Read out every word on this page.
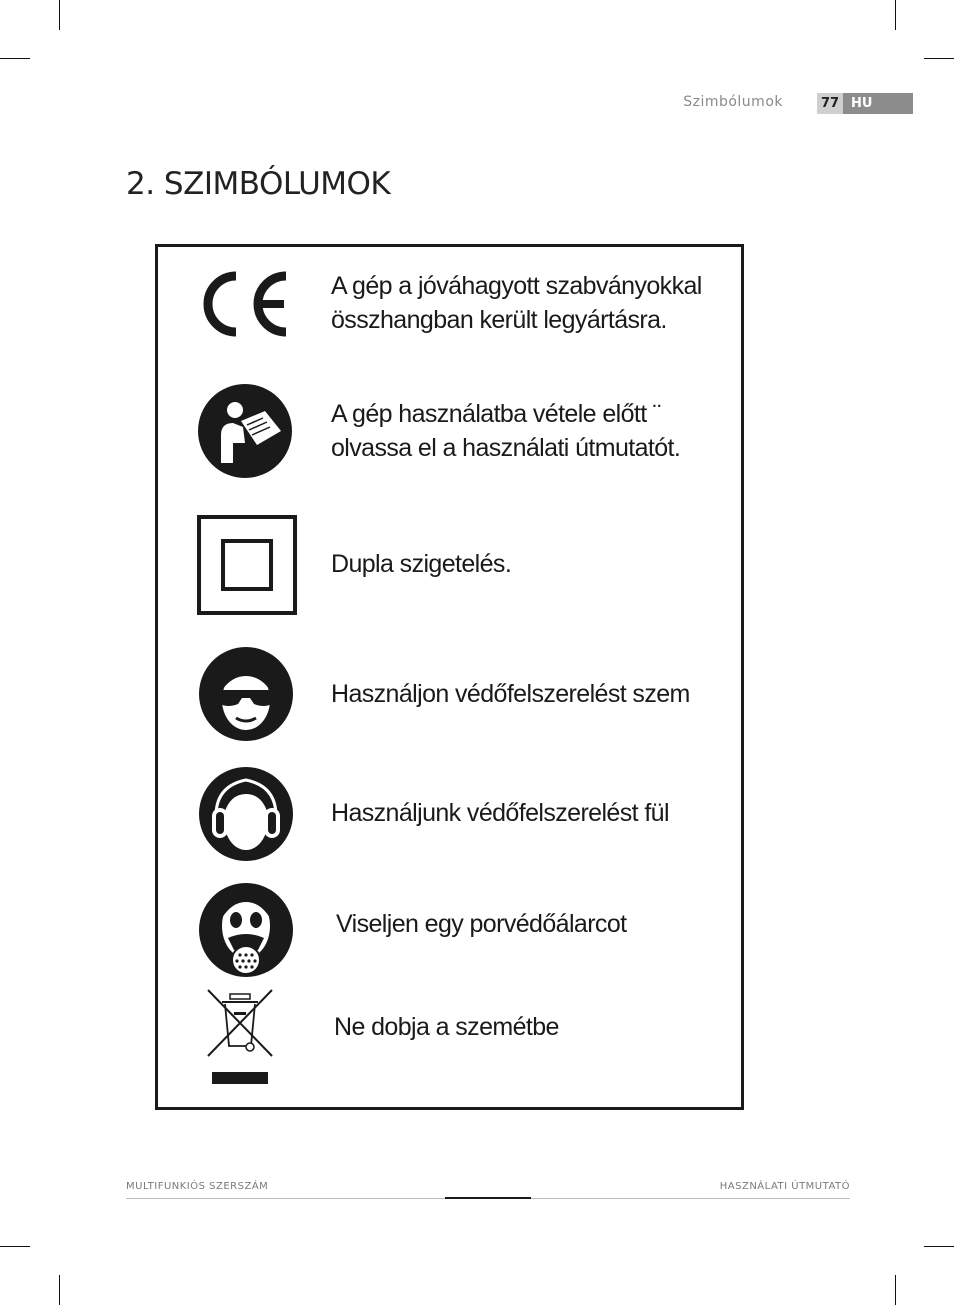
Szimbólumok	77 HU
2. SZIMBÓLUMOK
A gép a jóváhagyott szabványokkal
összhangban került legyártásra.
A gép használatba vétele előtt ¨
olvassa el a használati útmutatót.
Dupla szigetelés.
Használjon védőfelszerelést szem
Használjunk védőfelszerelést fül
Viseljen egy porvédőálarcot
Ne dobja a szemétbe
MULTIFUNKIÓS SZERSZÁM	HASZNÁLATI ÚTMUTATÓ
